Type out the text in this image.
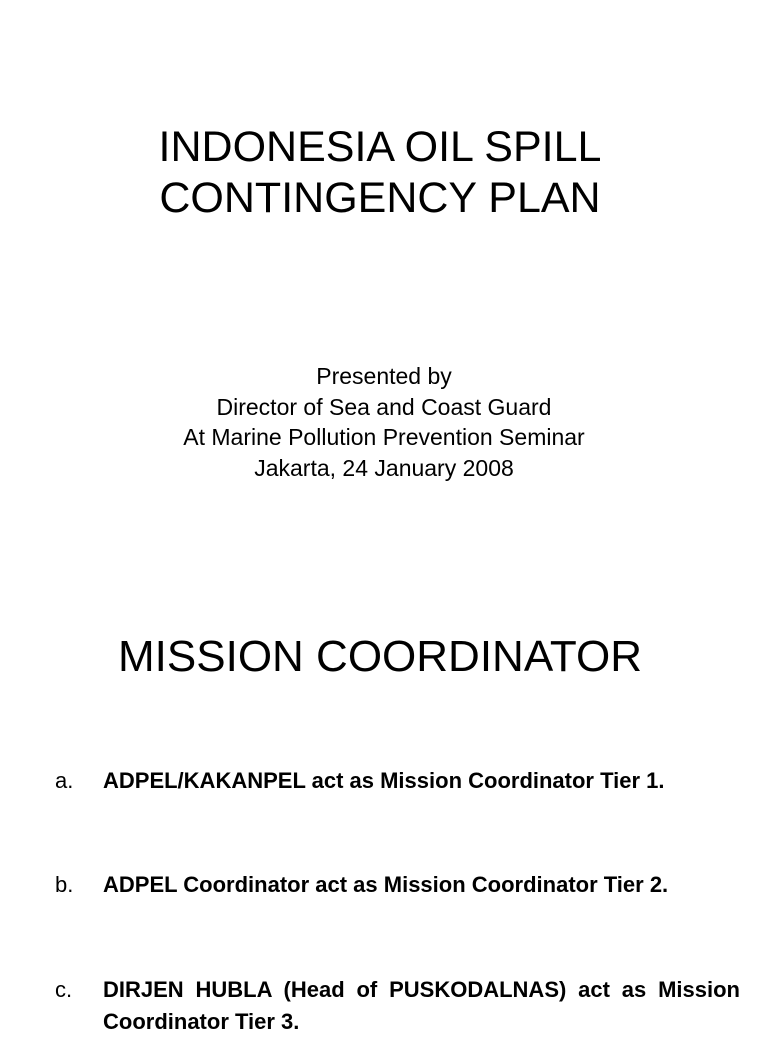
INDONESIA OIL SPILL
CONTINGENCY PLAN
Presented by
Director of Sea and Coast Guard
At Marine Pollution Prevention Seminar
Jakarta, 24 January 2008
MISSION COORDINATOR
a. ADPEL/KAKANPEL act as Mission Coordinator Tier 1.
b. ADPEL Coordinator act as Mission Coordinator Tier 2.
c. DIRJEN HUBLA (Head of PUSKODALNAS) act as Mission Coordinator Tier 3.
